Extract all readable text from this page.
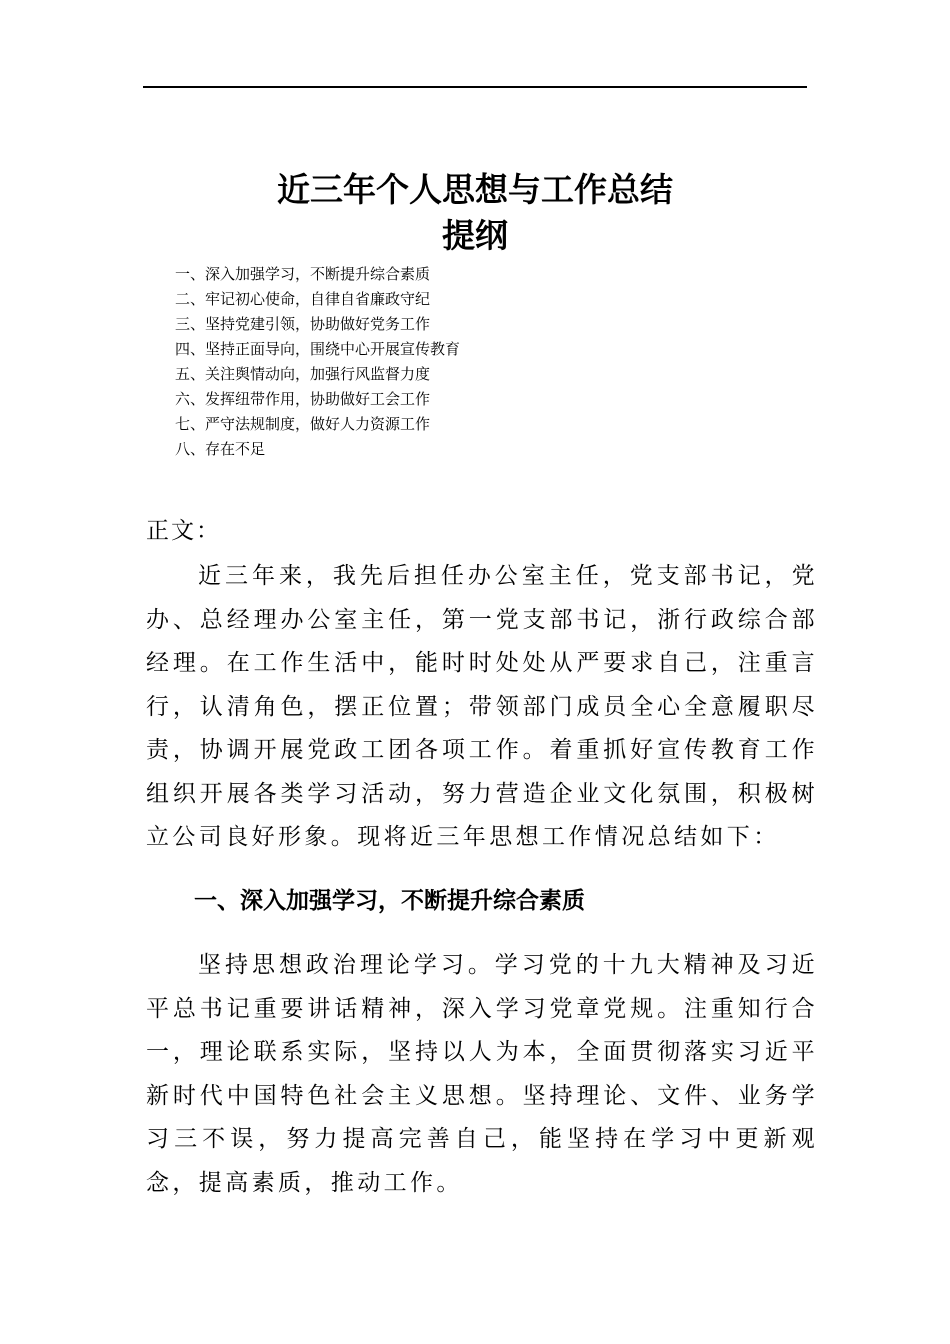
近三年个人思想与工作总结
提纲
一、深入加强学习，不断提升综合素质
二、牢记初心使命，自律自省廉政守纪
三、坚持党建引领，协助做好党务工作
四、坚持正面导向，围绕中心开展宣传教育
五、关注舆情动向，加强行风监督力度
六、发挥纽带作用，协助做好工会工作
七、严守法规制度，做好人力资源工作
八、存在不足
正文：

近三年来，我先后担任办公室主任，党支部书记，党办、总经理办公室主任，第一党支部书记，浙行政综合部经理。在工作生活中，能时时处处从严要求自己，注重言行，认清角色，摆正位置；带领部门成员全心全意履职尽责，协调开展党政工团各项工作。着重抓好宣传教育工作组织开展各类学习活动，努力营造企业文化氛围，积极树立公司良好形象。现将近三年思想工作情况总结如下：

一、深入加强学习，不断提升综合素质

坚持思想政治理论学习。学习党的十九大精神及习近平总书记重要讲话精神，深入学习党章党规。注重知行合一，理论联系实际，坚持以人为本，全面贯彻落实习近平新时代中国特色社会主义思想。坚持理论、文件、业务学习三不误，努力提高完善自己，能坚持在学习中更新观念，提高素质，推动工作。
